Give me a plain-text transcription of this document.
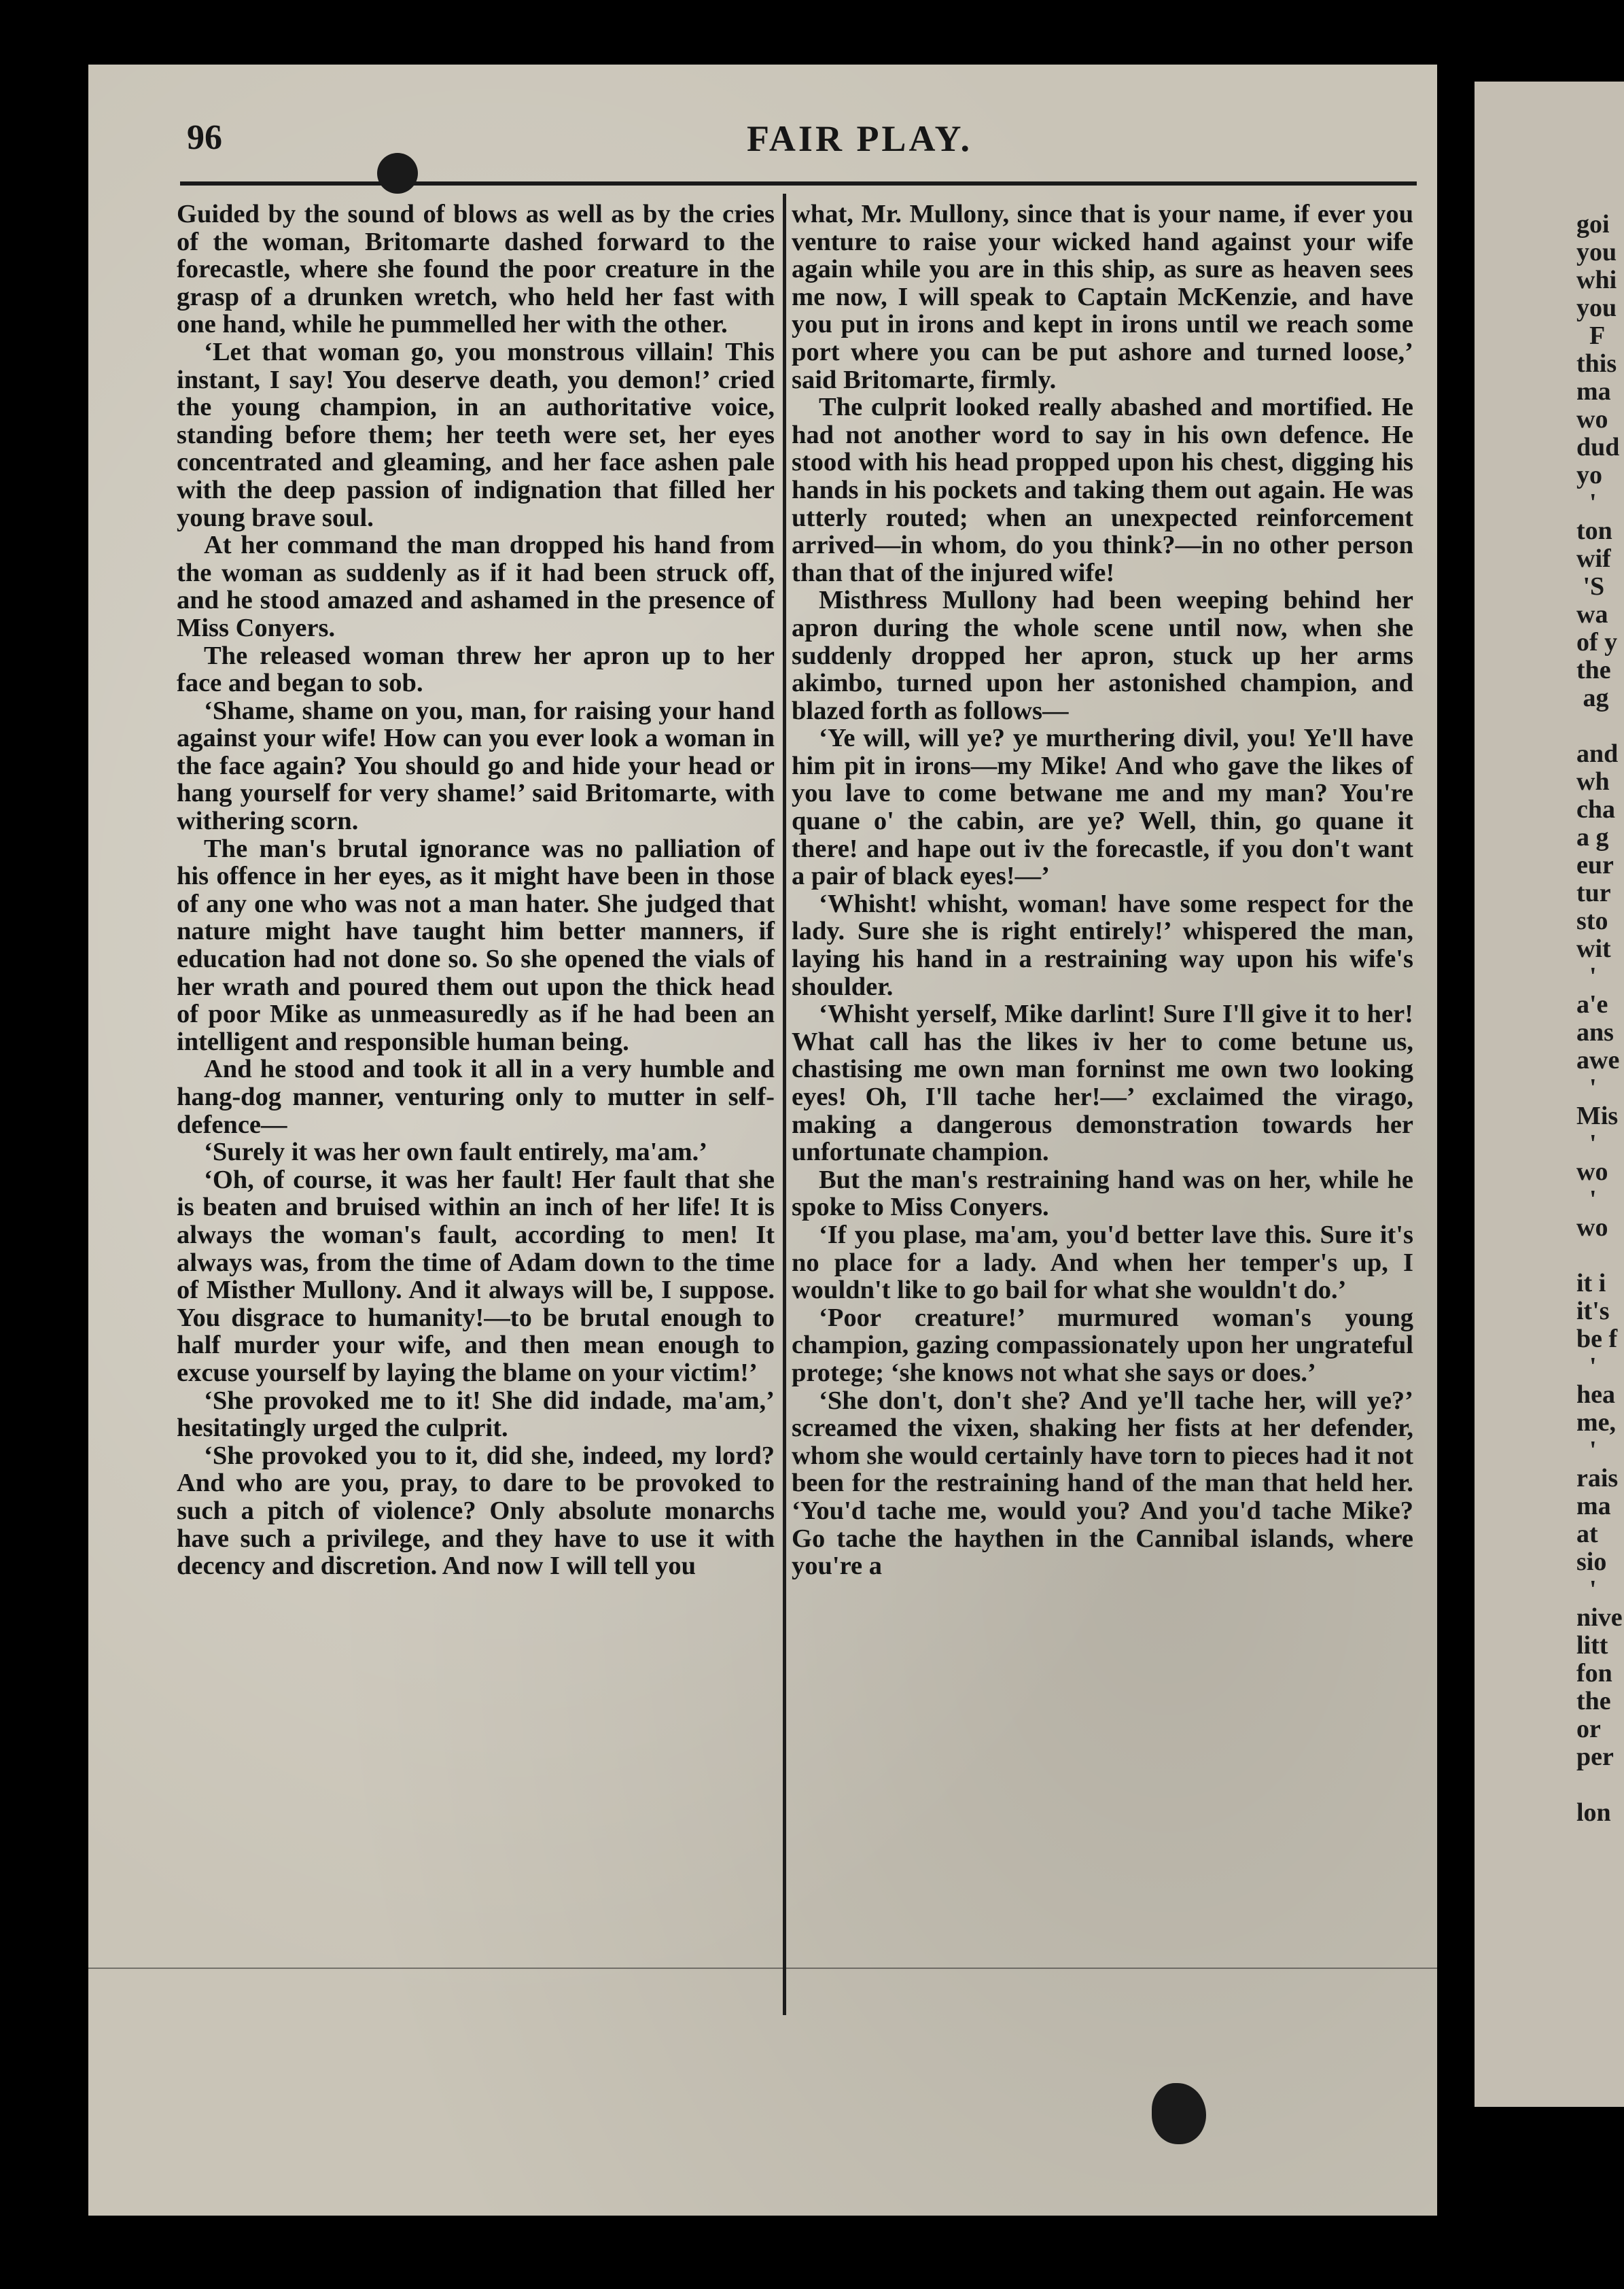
96	FAIR PLAY.

Guided by the sound of blows as well as by the cries of the woman, Britomarte dashed forward to the forecastle, where she found the poor creature in the grasp of a drunken wretch, who held her fast with one hand, while he pummelled her with the other.

‘Let that woman go, you monstrous villain! This instant, I say! You deserve death, you demon!’ cried the young champion, in an authoritative voice, standing before them; her teeth were set, her eyes concentrated and gleaming, and her face ashen pale with the deep passion of indignation that filled her young brave soul.

At her command the man dropped his hand from the woman as suddenly as if it had been struck off, and he stood amazed and ashamed in the presence of Miss Conyers.

The released woman threw her apron up to her face and began to sob.

‘Shame, shame on you, man, for raising your hand against your wife! How can you ever look a woman in the face again? You should go and hide your head or hang yourself for very shame!’ said Britomarte, with withering scorn.

The man's brutal ignorance was no palliation of his offence in her eyes, as it might have been in those of any one who was not a man hater. She judged that nature might have taught him better manners, if education had not done so. So she opened the vials of her wrath and poured them out upon the thick head of poor Mike as unmeasuredly as if he had been an intelligent and responsible human being.

And he stood and took it all in a very humble and hang-dog manner, venturing only to mutter in self-defence—

‘Surely it was her own fault entirely, ma'am.’

‘Oh, of course, it was her fault! Her fault that she is beaten and bruised within an inch of her life! It is always the woman's fault, according to men! It always was, from the time of Adam down to the time of Misther Mullony. And it always will be, I suppose. You disgrace to humanity!—to be brutal enough to half murder your wife, and then mean enough to excuse yourself by laying the blame on your victim!’

‘She provoked me to it! She did indade, ma'am,’ hesitatingly urged the culprit.

‘She provoked you to it, did she, indeed, my lord? And who are you, pray, to dare to be provoked to such a pitch of violence? Only absolute monarchs have such a privilege, and they have to use it with decency and discretion. And now I will tell you

what, Mr. Mullony, since that is your name, if ever you venture to raise your wicked hand against your wife again while you are in this ship, as sure as heaven sees me now, I will speak to Captain McKenzie, and have you put in irons and kept in irons until we reach some port where you can be put ashore and turned loose,’ said Britomarte, firmly.

The culprit looked really abashed and mortified. He had not another word to say in his own defence. He stood with his head propped upon his chest, digging his hands in his pockets and taking them out again. He was utterly routed; when an unexpected reinforcement arrived—in whom, do you think?—in no other person than that of the injured wife!

Misthress Mullony had been weeping behind her apron during the whole scene until now, when she suddenly dropped her apron, stuck up her arms akimbo, turned upon her astonished champion, and blazed forth as follows—

‘Ye will, will ye? ye murthering divil, you! Ye'll have him pit in irons—my Mike! And who gave the likes of you lave to come betwane me and my man? You're quane o' the cabin, are ye? Well, thin, go quane it there! and hape out iv the forecastle, if you don't want a pair of black eyes!—’

‘Whisht! whisht, woman! have some respect for the lady. Sure she is right entirely!’ whispered the man, laying his hand in a restraining way upon his wife's shoulder.

‘Whisht yerself, Mike darlint! Sure I'll give it to her! What call has the likes iv her to come betune us, chastising me own man forninst me own two looking eyes! Oh, I'll tache her!—’ exclaimed the virago, making a dangerous demonstration towards her unfortunate champion.

But the man's restraining hand was on her, while he spoke to Miss Conyers.

‘If you plase, ma'am, you'd better lave this. Sure it's no place for a lady. And when her temper's up, I wouldn't like to go bail for what she wouldn't do.’

‘Poor creature!’ murmured woman's young champion, gazing compassionately upon her ungrateful protege; ‘she knows not what she says or does.’

‘She don't, don't she? And ye'll tache her, will ye?’ screamed the vixen, shaking her fists at her defender, whom she would certainly have torn to pieces had it not been for the restraining hand of the man that held her. ‘You'd tache me, would you? And you'd tache Mike? Go tache the haythen in the Cannibal islands, where you're a

goi
you
whi
you
F
this
ma
wo
dud
yo
'
ton
wif
'S
wa
of y
the
ag

and
wh
cha
a g
eur
tur
sto
wit
'
a'e
ans
awe
'
Mis
'
wo
'
wo

it i
it's
be f
'
hea
me,
'
rais
ma
at
sio
'
nive
litt
fon
the
or
per

lon
